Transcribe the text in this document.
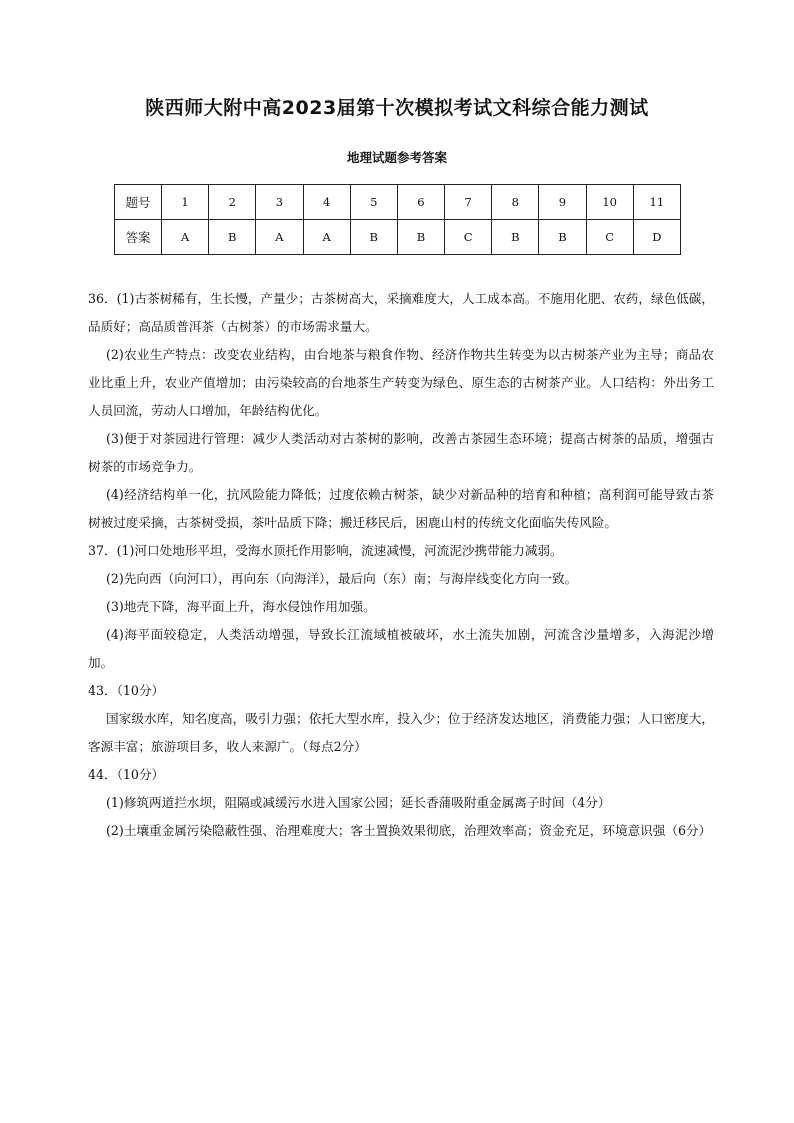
陕西师大附中高2023届第十次模拟考试文科综合能力测试
地理试题参考答案
题号	1	2	3	4	5	6	7	8	9	10	11
答案	A	B	A	A	B	B	C	B	B	C	D

36．(1)古茶树稀有，生长慢，产量少；古茶树高大，采摘难度大，人工成本高。不施用化肥、农药，绿色低碳，品质好；高品质普洱茶（古树茶）的市场需求量大。

(2)农业生产特点：改变农业结构，由台地茶与粮食作物、经济作物共生转变为以古树茶产业为主导；商品农业比重上升，农业产值增加；由污染较高的台地茶生产转变为绿色、原生态的古树茶产业。人口结构：外出务工人员回流，劳动人口增加，年龄结构优化。

(3)便于对茶园进行管理：减少人类活动对古茶树的影响，改善古茶园生态环境；提高古树茶的品质，增强古树茶的市场竞争力。

(4)经济结构单一化，抗风险能力降低；过度依赖古树茶，缺少对新品种的培育和种植；高利润可能导致古茶树被过度采摘，古茶树受损，茶叶品质下降；搬迁移民后，困鹿山村的传统文化面临失传风险。

37．(1)河口处地形平坦，受海水顶托作用影响，流速减慢，河流泥沙携带能力减弱。

(2)先向西（向河口），再向东（向海洋），最后向（东）南；与海岸线变化方向一致。

(3)地壳下降，海平面上升，海水侵蚀作用加强。

(4)海平面较稳定，人类活动增强，导致长江流域植被破坏，水土流失加剧，河流含沙量增多，入海泥沙增加。

43．（10分）

国家级水库，知名度高，吸引力强；依托大型水库，投入少；位于经济发达地区，消费能力强；人口密度大，客源丰富；旅游项目多，收人来源广。（每点2分）

44．（10分）

(1)修筑两道拦水坝，阻隔或减缓污水进入国家公园；延长香蒲吸附重金属离子时间（4分）

(2)土壤重金属污染隐蔽性强、治理难度大；客土置换效果彻底，治理效率高；资金充足，环境意识强（6分）
